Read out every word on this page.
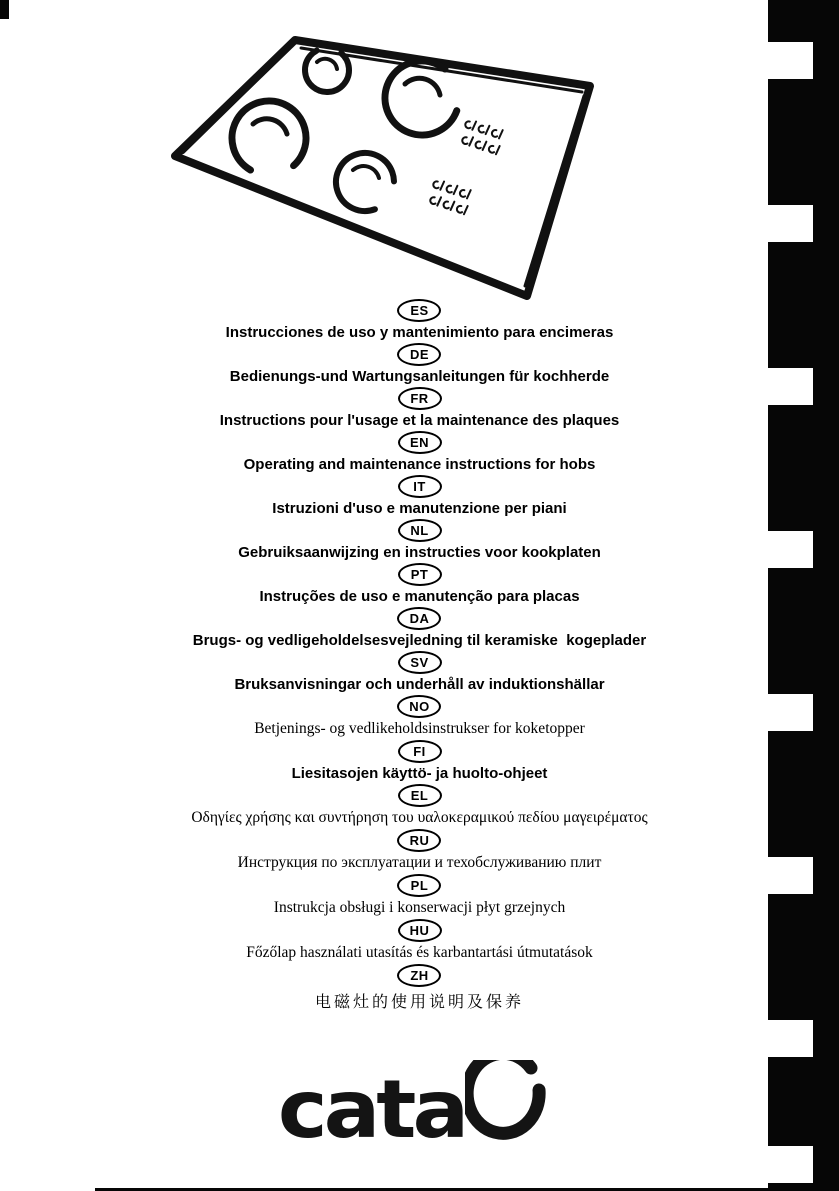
ES
Instrucciones de uso y mantenimiento para encimeras
DE
Bedienungs-und Wartungsanleitungen für kochherde
FR
Instructions pour l'usage et la maintenance des plaques
EN
Operating and maintenance instructions for hobs
IT
Istruzioni d'uso e manutenzione per piani
NL
Gebruiksaanwijzing en instructies voor kookplaten
PT
Instruções de uso e manutenção para placas
DA
Brugs- og vedligeholdelsesvejledning til keramiske  kogeplader
SV
Bruksanvisningar och underhåll av induktionshällar
NO
Betjenings- og vedlikeholdsinstrukser for koketopper
FI
Liesitasojen käyttö- ja huolto-ohjeet
EL
Οδηγίες χρήσης και συντήρηση του υαλοκεραμικού πεδίου μαγειρέματος
RU
Инструкция по эксплуатации и техобслуживанию плит
PL
Instrukcja obsługi i konserwacji płyt grzejnych
HU
Főzőlap használati utasítás és karbantartási útmutatások
ZH
电磁灶的使用说明及保养
cata
